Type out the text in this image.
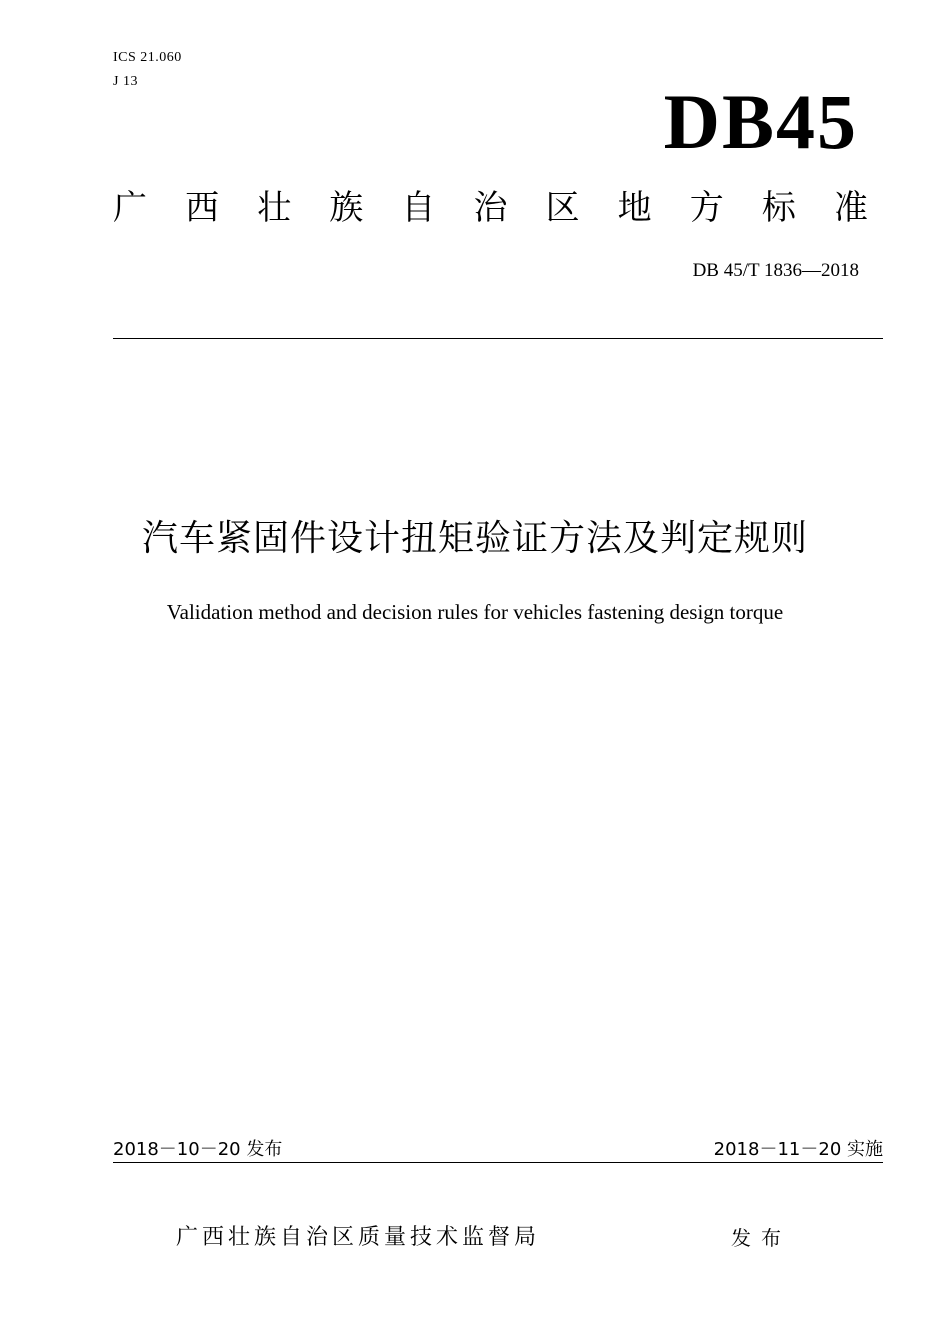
ICS 21.060
J 13	DB45
广 西 壮 族 自 治 区 地 方 标 准
DB 45/T 1836—2018
汽车紧固件设计扭矩验证方法及判定规则
Validation method and decision rules for vehicles fastening design torque
2018－10－20 发布	2018－11－20 实施
广西壮族自治区质量技术监督局	发布
